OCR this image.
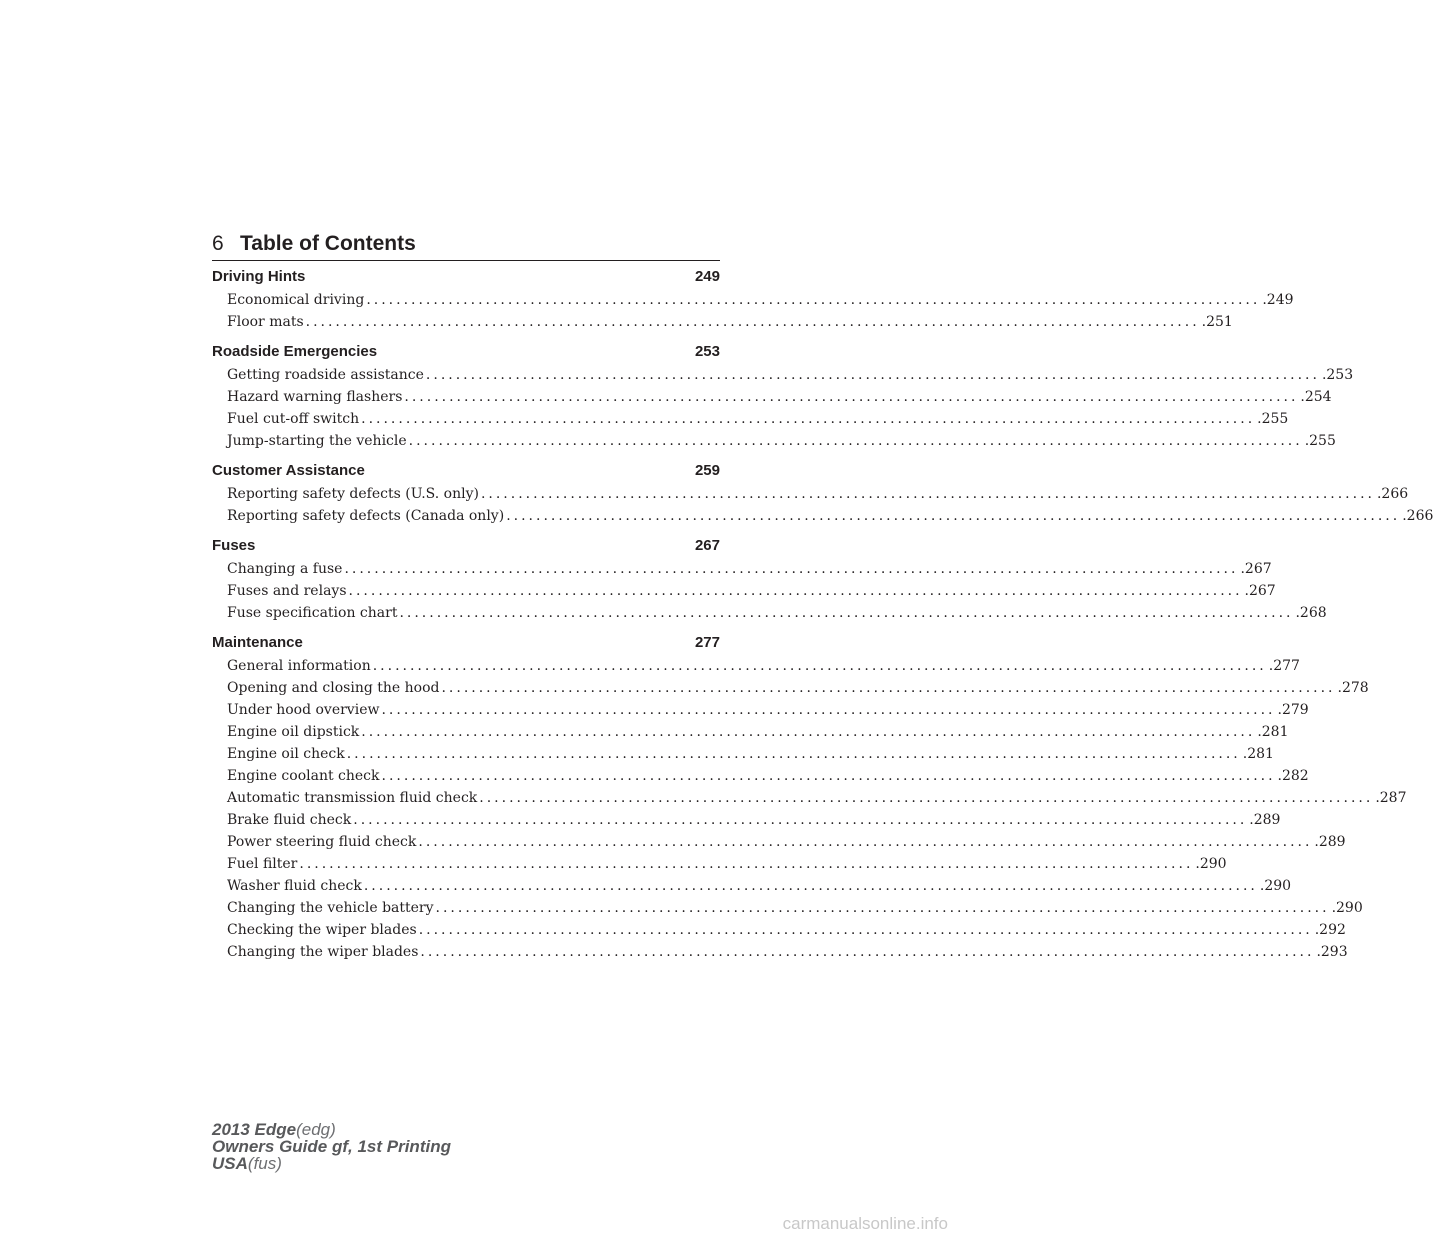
6 Table of Contents
Driving Hints	249
Economical driving ........................................................................................................................ .249
Floor mats ........................................................................................................................ .251
Roadside Emergencies	253
Getting roadside assistance ........................................................................................................................ .253
Hazard warning flashers ........................................................................................................................ .254
Fuel cut-off switch ........................................................................................................................ .255
Jump-starting the vehicle ........................................................................................................................ .255
Customer Assistance	259
Reporting safety defects (U.S. only) ........................................................................................................................ .266
Reporting safety defects (Canada only) ........................................................................................................................ .266
Fuses	267
Changing a fuse ........................................................................................................................ .267
Fuses and relays ........................................................................................................................ .267
Fuse specification chart ........................................................................................................................ .268
Maintenance	277
General information ........................................................................................................................ .277
Opening and closing the hood ........................................................................................................................ .278
Under hood overview ........................................................................................................................ .279
Engine oil dipstick ........................................................................................................................ .281
Engine oil check ........................................................................................................................ .281
Engine coolant check ........................................................................................................................ .282
Automatic transmission fluid check ........................................................................................................................ .287
Brake fluid check ........................................................................................................................ .289
Power steering fluid check ........................................................................................................................ .289
Fuel filter ........................................................................................................................ .290
Washer fluid check ........................................................................................................................ .290
Changing the vehicle battery ........................................................................................................................ .290
Checking the wiper blades ........................................................................................................................ .292
Changing the wiper blades ........................................................................................................................ .293
2013 Edge(edg)
Owners Guide gf, 1st Printing
USA(fus)
carmanualsonline.info
